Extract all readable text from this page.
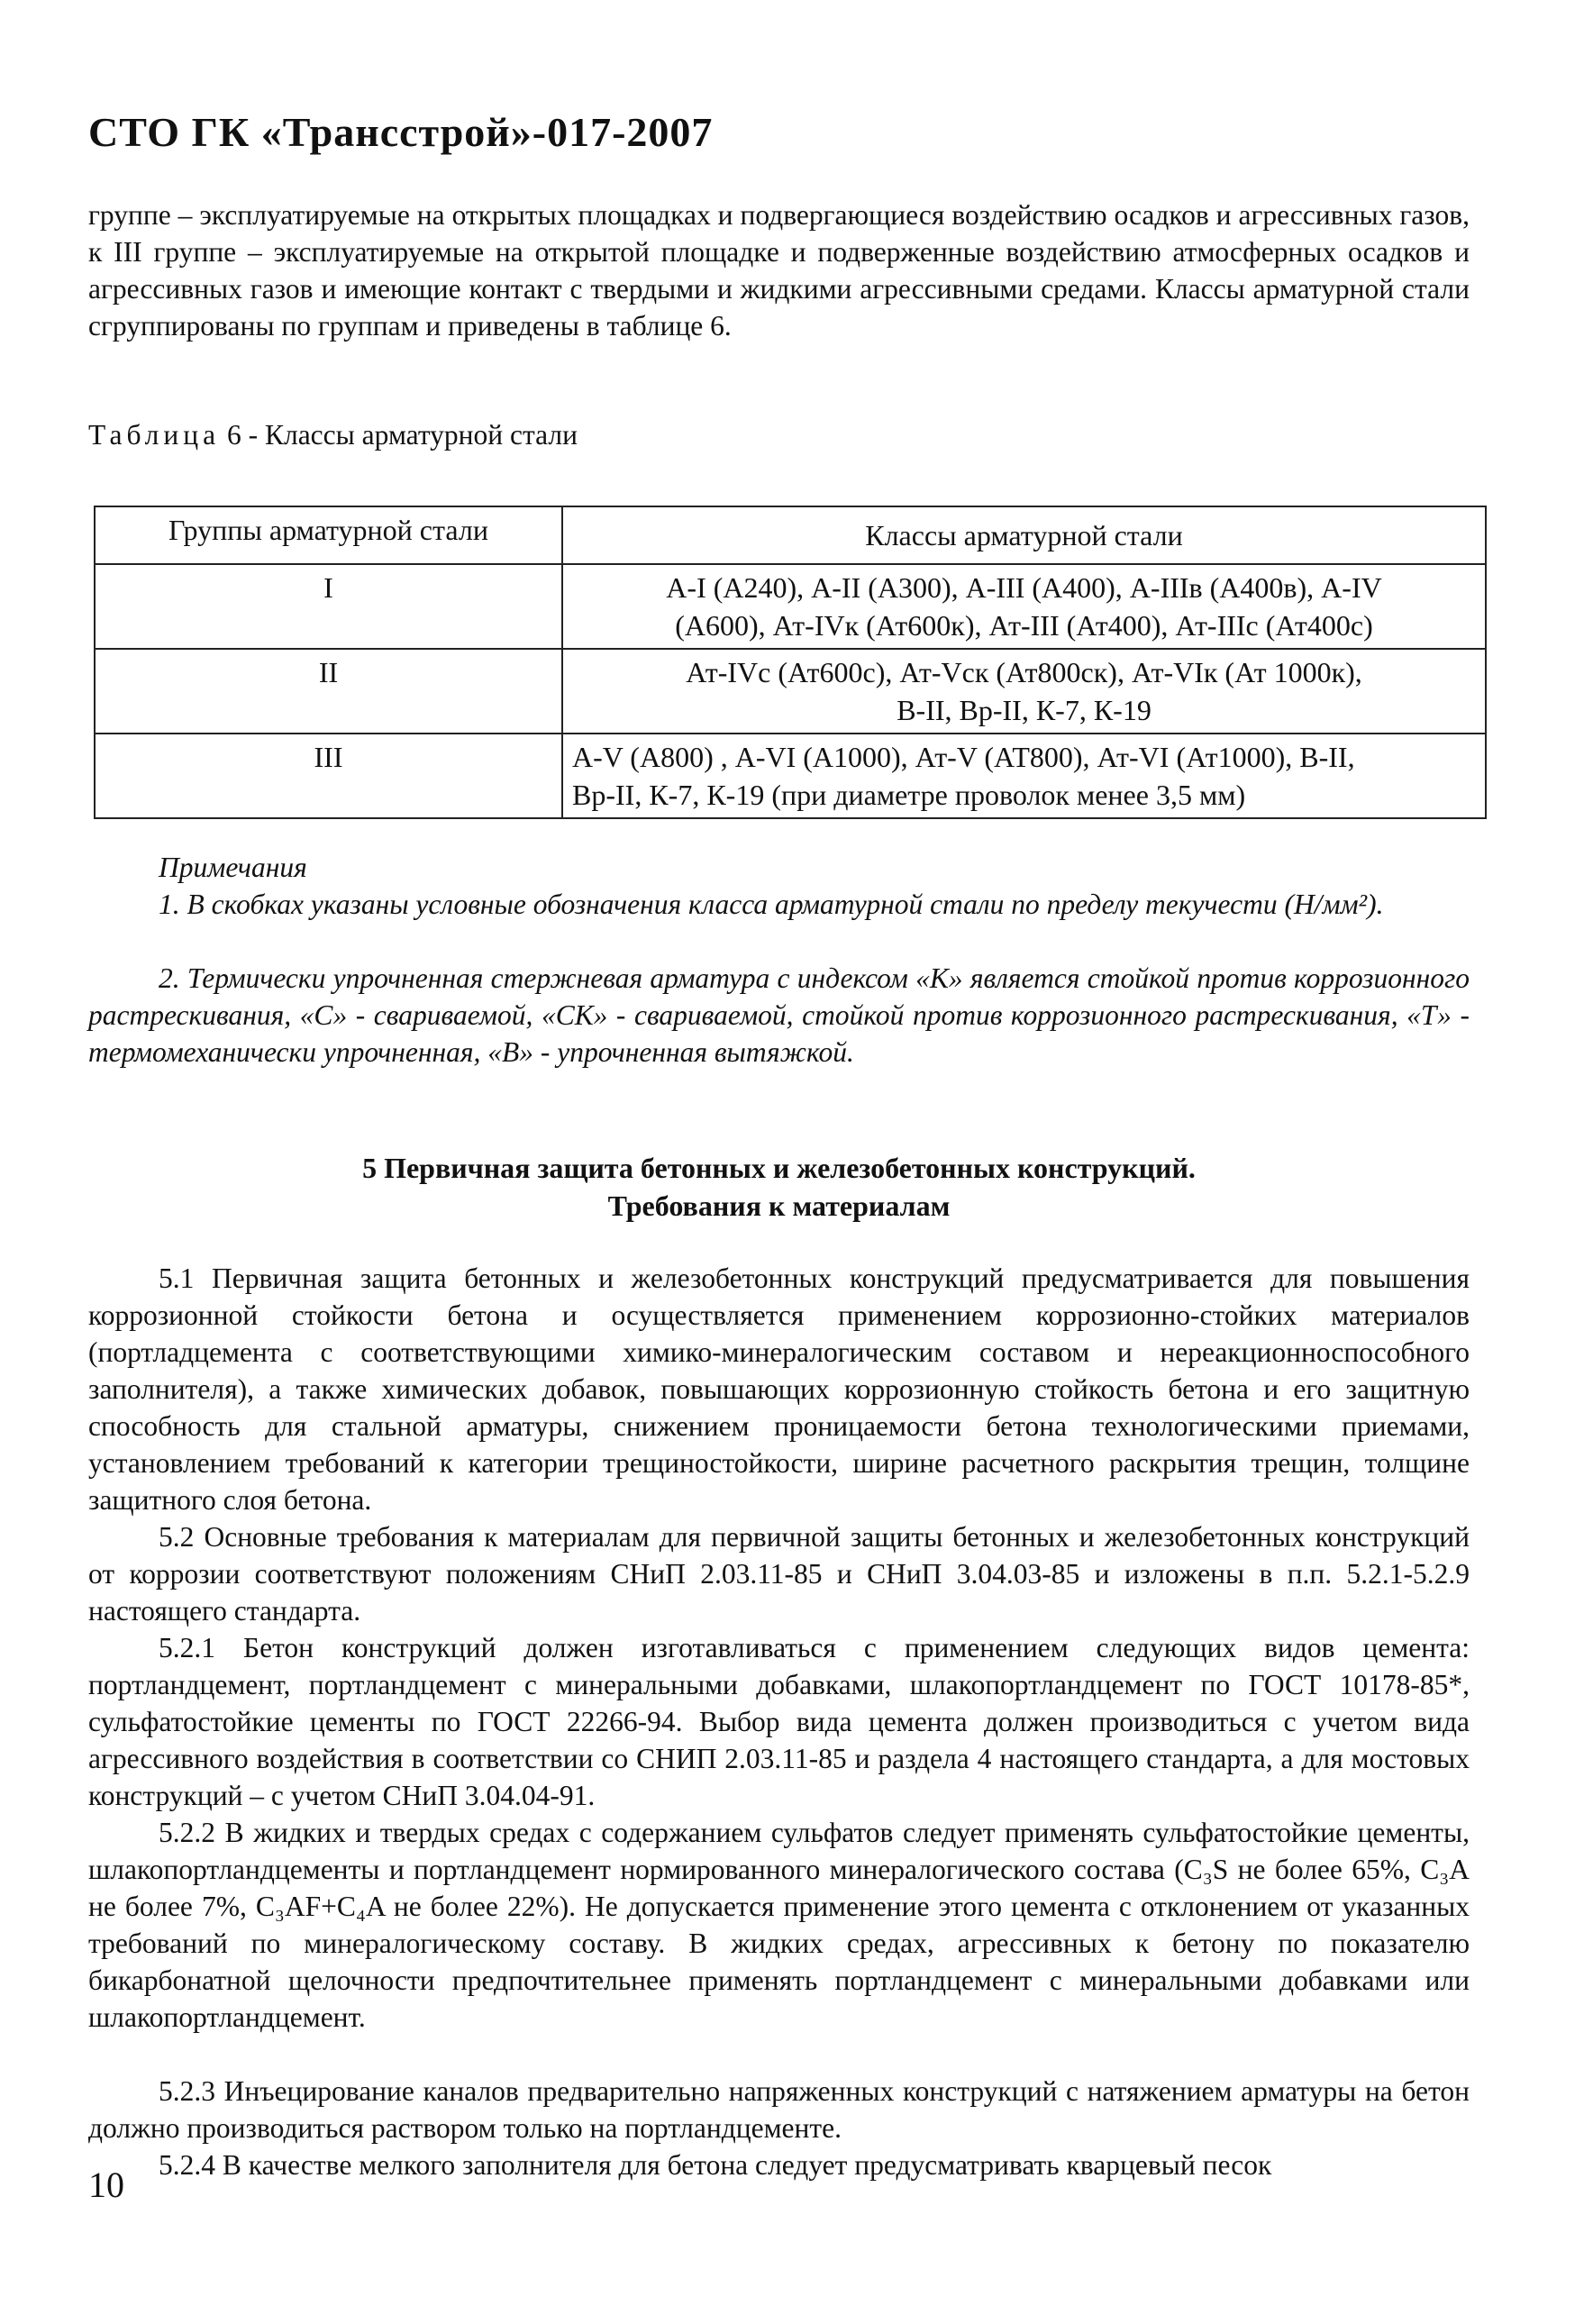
СТО ГК «Трансстрой»-017-2007

группе – эксплуатируемые на открытых площадках и подвергающиеся воздействию осадков и агрессивных газов, к III группе – эксплуатируемые на открытой площадке и подверженные воздействию атмосферных осадков и агрессивных газов и имеющие контакт с твердыми и жидкими агрессивными средами. Классы арматурной стали сгруппированы по группам и приведены в таблице 6.

Таблица 6 - Классы арматурной стали
Группы арматурной стали	Классы арматурной стали
I	А-I (А240), А-II (А300), А-III (А400), А-IIIв (А400в), А-IV
(А600), Ат-IVк (Ат600к), Ат-III (Ат400), Ат-IIIс (Ат400с)

II	Ат-IVс (Ат600с), Ат-Vск (Ат800ск), Ат-VIк (Ат 1000к),
В-II, Вр-II, К-7, К-19

III	А-V (А800) , А-VI (А1000), Ат-V (АТ800), Ат-VI (Ат1000), В-II,
Вр-II, К-7, К-19 (при диаметре проволок менее 3,5 мм)

Примечания

1. В скобках указаны условные обозначения класса арматурной стали по пределу текучести (Н/мм²).

2. Термически упрочненная стержневая арматура с индексом «К» является стойкой против коррозионного растрескивания, «С» - свариваемой, «СК» - свариваемой, стойкой против коррозионного растрескивания, «Т» - термомеханически упрочненная, «В» - упрочненная вытяжкой.

5 Первичная защита бетонных и железобетонных конструкций.
Требования к материалам

5.1 Первичная защита бетонных и железобетонных конструкций предусматривается для повышения коррозионной стойкости бетона и осуществляется применением коррозионно-стойких материалов (портладцемента с соответствующими химико-минералогическим составом и нереакционноспособного заполнителя), а также химических добавок, повышающих коррозионную стойкость бетона и его защитную способность для стальной арматуры, снижением проницаемости бетона технологическими приемами, установлением требований к категории трещиностойкости, ширине расчетного раскрытия трещин, толщине защитного слоя бетона.

5.2 Основные требования к материалам для первичной защиты бетонных и железобетонных конструкций от коррозии соответствуют положениям СНиП 2.03.11-85 и СНиП 3.04.03-85 и изложены в п.п. 5.2.1-5.2.9 настоящего стандарта.

5.2.1 Бетон конструкций должен изготавливаться с применением следующих видов цемента: портландцемент, портландцемент с минеральными добавками, шлакопортландцемент по ГОСТ 10178-85*, сульфатостойкие цементы по ГОСТ 22266-94. Выбор вида цемента должен производиться с учетом вида агрессивного воздействия в соответствии со СНИП 2.03.11-85 и раздела 4 настоящего стандарта, а для мостовых конструкций – с учетом СНиП 3.04.04-91.

5.2.2 В жидких и твердых средах с содержанием сульфатов следует применять сульфатостойкие цементы, шлакопортландцементы и портландцемент нормированного минералогического состава (C₃S не более 65%, C₃A не более 7%, C₃AF+C₄A не более 22%). Не допускается применение этого цемента с отклонением от указанных требований по минералогическому составу. В жидких средах, агрессивных к бетону по показателю бикарбонатной щелочности предпочтительнее применять портландцемент с минеральными добавками или шлакопортландцемент.

5.2.3 Инъецирование каналов предварительно напряженных конструкций с натяжением арматуры на бетон должно производиться раствором только на портландцементе.

5.2.4 В качестве мелкого заполнителя для бетона следует предусматривать кварцевый песок

10
